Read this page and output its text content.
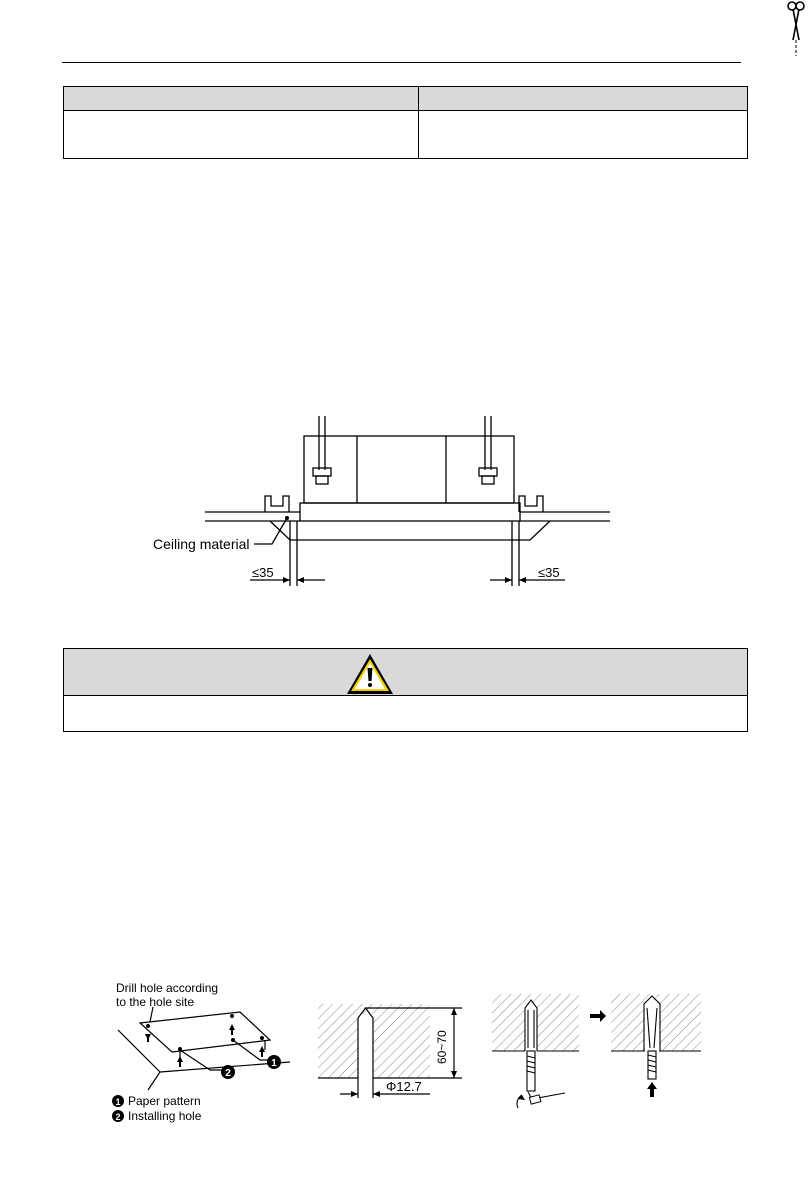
Ceiling material
≤35	≤35
2
1
1
2
Drill hole according
to the hole site
Paper pattern
Installing hole
60~70
Φ12.7
